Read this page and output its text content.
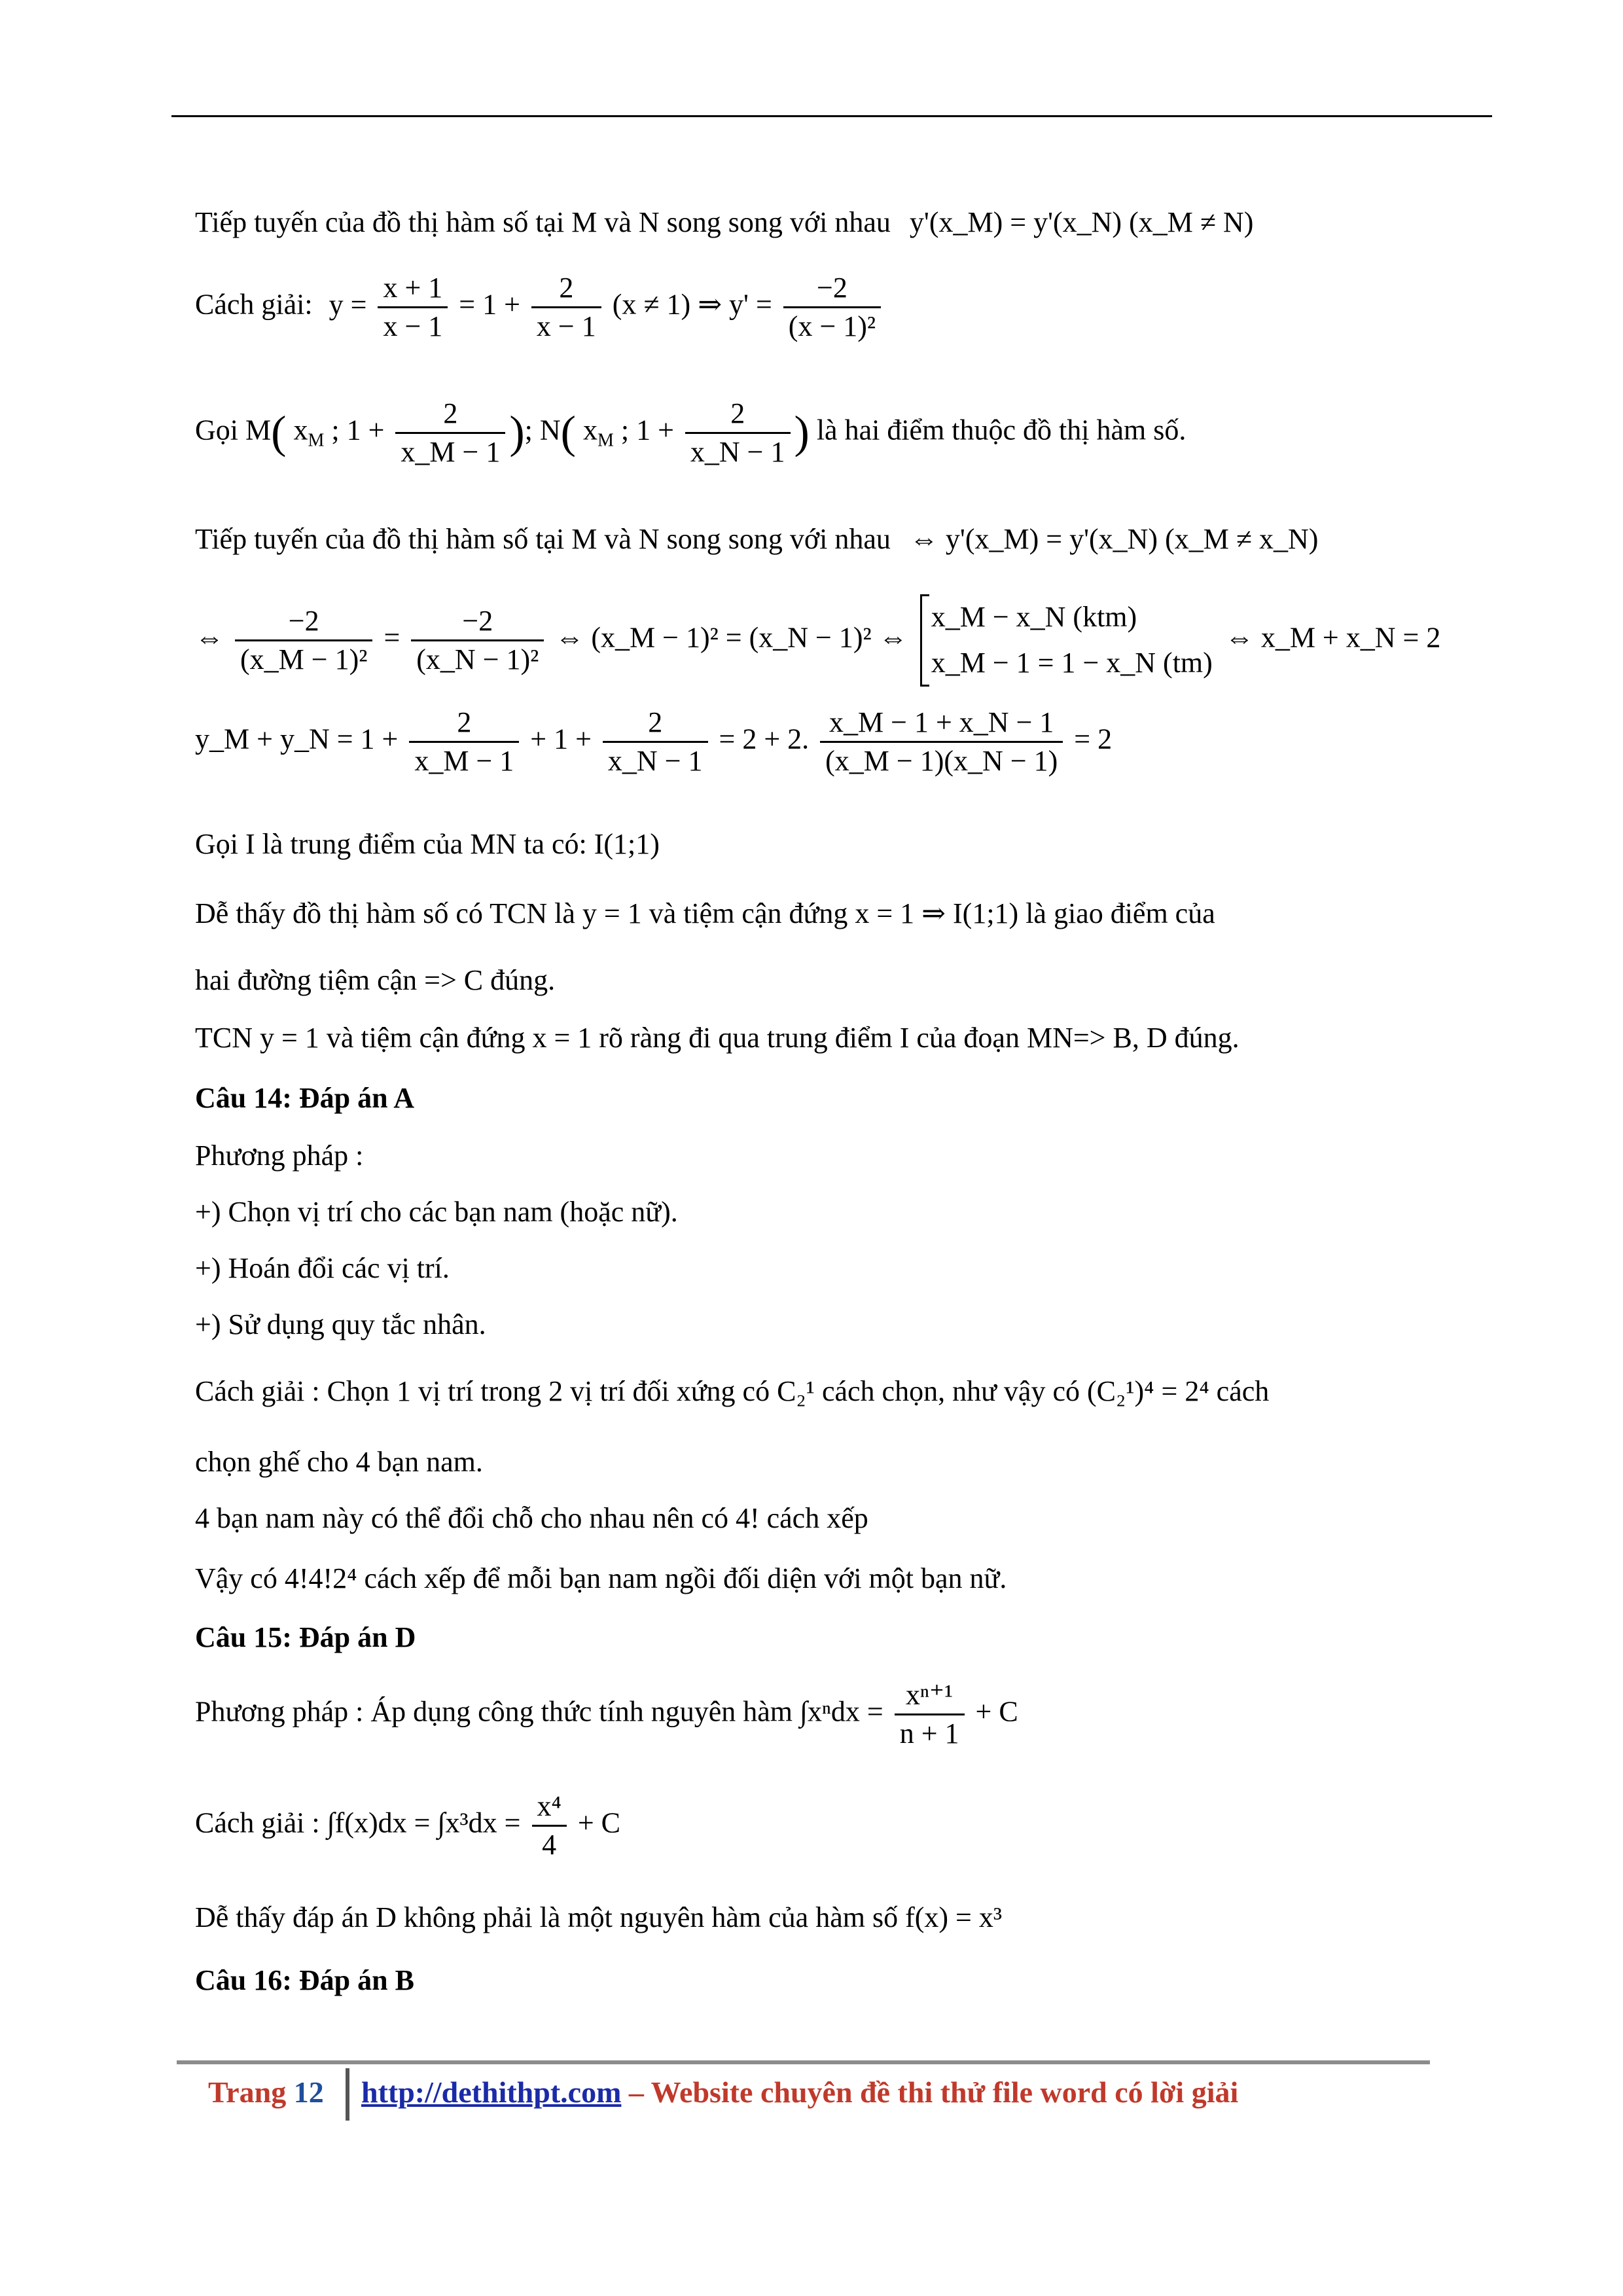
Tiếp tuyến của đồ thị hàm số tại M và N song song với nhau y'(x_M) = y'(x_N) (x_M ≠ N)
Cách giải: $y = \frac{x + 1}{x - 1} = 1 + \frac{2}{x - 1} (x \ne 1)$ ⇒ $y' = \frac{-2}{\text{(x − 1)²}}$
Gọi M( $x_M$ ; $1 + \frac{2}{x\_M - 1}$ ); N( $x_M$ ; $1 + \frac{2}{x\_N - 1}$ ) là hai điểm thuộc đồ thị hàm số.
Tiếp tuyến của đồ thị hàm số tại M và N song song với nhau ⇔ y'(x_M) = y'(x_N) (x_M ≠ x_N)
⇔ $\frac{-2}{\text{(x\_M − 1)²}} = \frac{-2}{\text{(x\_N − 1)²}}$ ⇔ (x_M − 1)² = (x_N − 1)² ⇔
x_M − x_N (ktm)
x_M − 1 = 1 − x_N (tm)
⇔ x_M + x_N = 2
y_M + y_N = $1 + \frac{2}{x\_M - 1} + 1 + \frac{2}{x\_N - 1} = 2 + 2$. $\frac{x\_M - 1 + x\_N - 1}{(x\_M - 1)(x\_N - 1)} = 2$
Gọi I là trung điểm của MN ta có: I(1;1)
Dễ thấy đồ thị hàm số có TCN là y = 1 và tiệm cận đứng x = 1 ⇒ I(1;1) là giao điểm của
hai đường tiệm cận => C đúng.
TCN y = 1 và tiệm cận đứng x = 1 rõ ràng đi qua trung điểm I của đoạn MN=> B, D đúng.
Câu 14: Đáp án A
Phương pháp :
+) Chọn vị trí cho các bạn nam (hoặc nữ).
+) Hoán đổi các vị trí.
+) Sử dụng quy tắc nhân.
Cách giải : Chọn 1 vị trí trong 2 vị trí đối xứng có C₂¹ cách chọn, như vậy có (C₂¹)⁴ = 2⁴ cách
chọn ghế cho 4 bạn nam.
4 bạn nam này có thể đổi chỗ cho nhau nên có 4! cách xếp
Vậy có 4!4!2⁴ cách xếp để mỗi bạn nam ngồi đối diện với một bạn nữ.
Câu 15: Đáp án D
Phương pháp : Áp dụng công thức tính nguyên hàm $\int x^ndx = \frac{\text{xⁿ⁺¹}}{n + 1} + C$
Cách giải : $\int f(x)dx = \int x^3dx = \frac{\text{x⁴}}{4} + C$
Dễ thấy đáp án D không phải là một nguyên hàm của hàm số f(x) = x³
Câu 16: Đáp án B
Trang 12 http://dethithpt.com – Website chuyên đề thi thử file word có lời giải
